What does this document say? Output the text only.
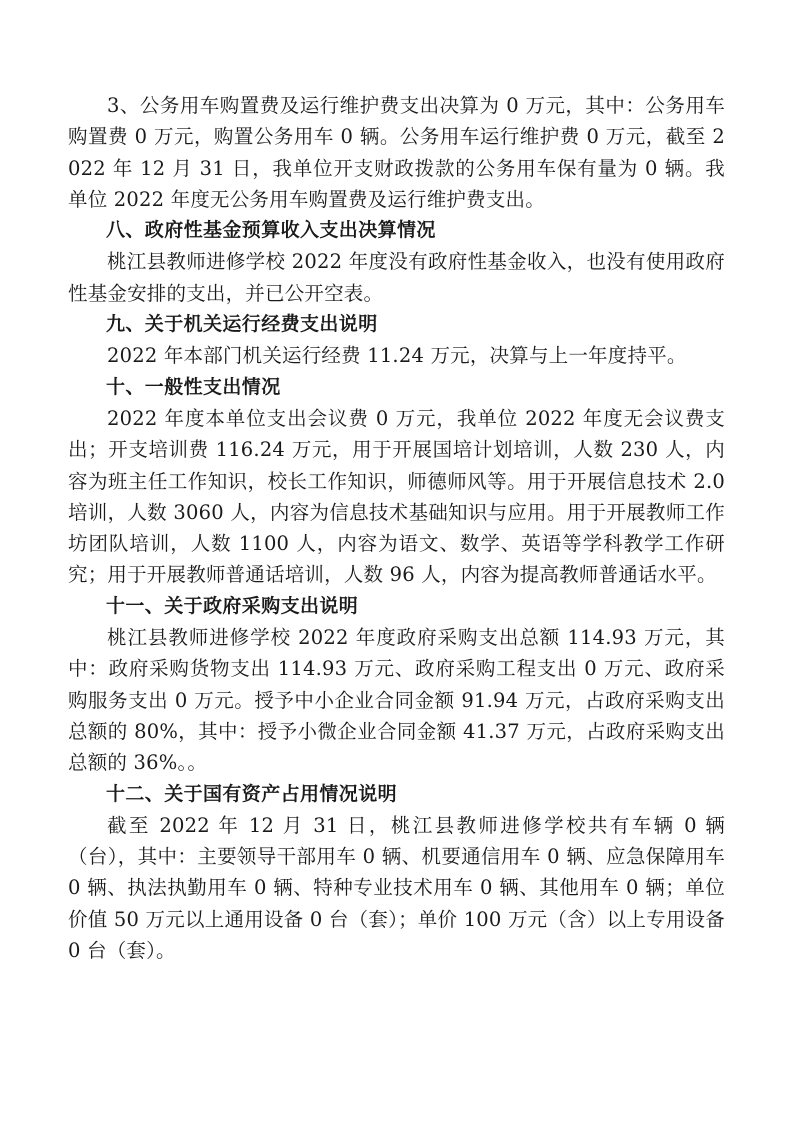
3、公务用车购置费及运行维护费支出决算为 0 万元，其中：公务用车购置费 0 万元，购置公务用车 0 辆。公务用车运行维护费 0 万元，截至 2022 年 12 月 31 日，我单位开支财政拨款的公务用车保有量为 0 辆。我单位 2022 年度无公务用车购置费及运行维护费支出。

八、政府性基金预算收入支出决算情况

桃江县教师进修学校 2022 年度没有政府性基金收入，也没有使用政府性基金安排的支出，并已公开空表。

九、关于机关运行经费支出说明

2022 年本部门机关运行经费 11.24 万元，决算与上一年度持平。

十、一般性支出情况

2022 年度本单位支出会议费 0 万元，我单位 2022 年度无会议费支出；开支培训费 116.24 万元，用于开展国培计划培训，人数 230 人，内容为班主任工作知识，校长工作知识，师德师风等。用于开展信息技术 2.0 培训，人数 3060 人，内容为信息技术基础知识与应用。用于开展教师工作坊团队培训，人数 1100 人，内容为语文、数学、英语等学科教学工作研究；用于开展教师普通话培训，人数 96 人，内容为提高教师普通话水平。

十一、关于政府采购支出说明

桃江县教师进修学校 2022 年度政府采购支出总额 114.93 万元，其中：政府采购货物支出 114.93 万元、政府采购工程支出 0 万元、政府采购服务支出 0 万元。授予中小企业合同金额 91.94 万元，占政府采购支出总额的 80%，其中：授予小微企业合同金额 41.37 万元，占政府采购支出总额的 36%。。

十二、关于国有资产占用情况说明

截至 2022 年 12 月 31 日，桃江县教师进修学校共有车辆 0 辆（台），其中：主要领导干部用车 0 辆、机要通信用车 0 辆、应急保障用车 0 辆、执法执勤用车 0 辆、特种专业技术用车 0 辆、其他用车 0 辆；单位价值 50 万元以上通用设备 0 台（套）；单价 100 万元（含）以上专用设备 0 台（套）。
